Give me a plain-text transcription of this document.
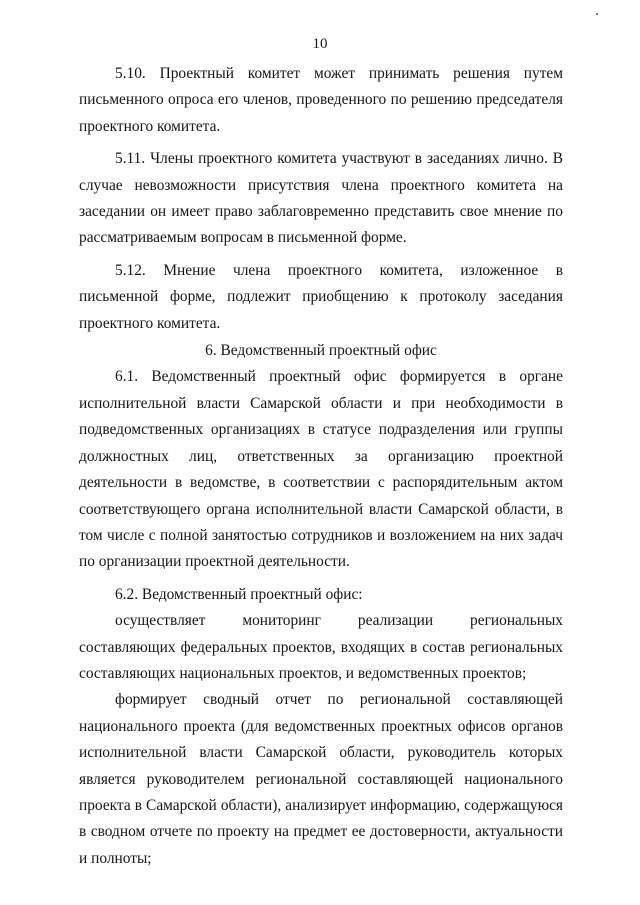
10

5.10. Проектный комитет может принимать решения путем письменного опроса его членов, проведенного по решению председателя проектного комитета.

5.11. Члены проектного комитета участвуют в заседаниях лично. В случае невозможности присутствия члена проектного комитета на заседании он имеет право заблаговременно представить свое мнение по рассматриваемым вопросам в письменной форме.

5.12. Мнение члена проектного комитета, изложенное в письменной форме, подлежит приобщению к протоколу заседания проектного комитета.

6. Ведомственный проектный офис

6.1. Ведомственный проектный офис формируется в органе исполнительной власти Самарской области и при необходимости в подведомственных организациях в статусе подразделения или группы должностных лиц, ответственных за организацию проектной деятельности в ведомстве, в соответствии с распорядительным актом соответствующего органа исполнительной власти Самарской области, в том числе с полной занятостью сотрудников и возложением на них задач по организации проектной деятельности.

6.2. Ведомственный проектный офис:

осуществляет мониторинг реализации региональных составляющих федеральных проектов, входящих в состав региональных составляющих национальных проектов, и ведомственных проектов;

формирует сводный отчет по региональной составляющей национального проекта (для ведомственных проектных офисов органов исполнительной власти Самарской области, руководитель которых является руководителем региональной составляющей национального проекта в Самарской области), анализирует информацию, содержащуюся в сводном отчете по проекту на предмет ее достоверности, актуальности и полноты;
